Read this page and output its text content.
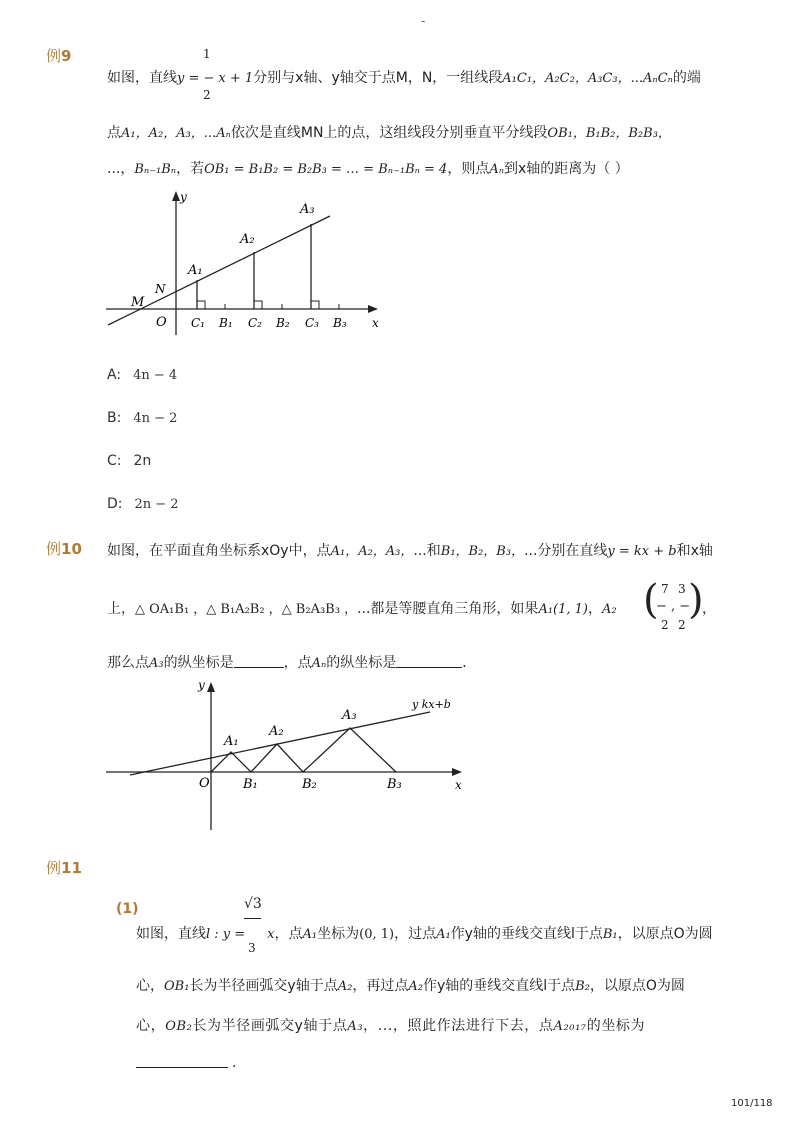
-
例9	1
2
如图，直线y = − x + 1分别与x轴、y轴交于点M，N，一组线段A₁C₁，A₂C₂，A₃C₃，...AₙCₙ的端
点A₁，A₂，A₃，...Aₙ依次是直线MN上的点，这组线段分别垂直平分线段OB₁，B₁B₂，B₂B₃，
...，Bₙ₋₁Bₙ，若OB₁ = B₁B₂ = B₂B₃ = … = Bₙ₋₁Bₙ = 4，则点Aₙ到x轴的距离为（ ）
y
x
M
N
O
A₁
A₂
A₃
C₁ B₁ C₂ B₂ C₃ B₃
A: 4n − 4
B: 4n − 2
C: 2n
D: 2n − 2
例10 如图，在平面直角坐标系xOy中，点A₁，A₂，A₃，...和B₁，B₂，B₃，...分别在直线y = kx + b和x轴
上，△ OA₁B₁ ，△ B₁A₂B₂ ，△ B₂A₃B₃ ，...都是等腰直角三角形，如果A₁(1, 1)，A₂ ( 7
2
− , −
3
2
)
，
那么点A₃的纵坐标是	，点Aₙ的纵坐标是	．
y
x
O
A₁
A₂
A₃
B₁	B₂	B₃
y kx+b
例11
(1)	√3
3
如图，直线l : y = x，点A₁坐标为(0, 1)，过点A₁作y轴的垂线交直线l于点B₁，以原点O为圆
心，OB₁长为半径画弧交y轴于点A₂，再过点A₂作y轴的垂线交直线l于点B₂，以原点O为圆
心，OB₂长为半径画弧交y轴于点A₃，...，照此作法进行下去，点A₂₀₁₇的坐标为
．
101/118
